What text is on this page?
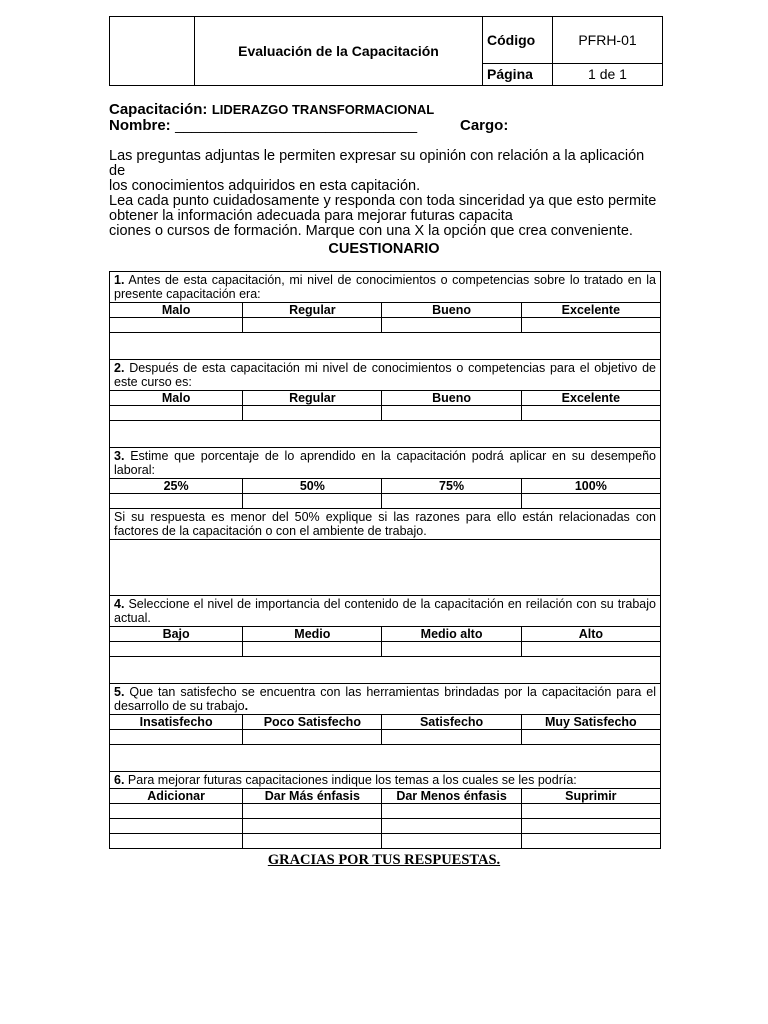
	Evaluación de la Capacitación	Código	PFRH-01
		Página	1 de 1
Capacitación: LIDERAZGO TRANSFORMACIONAL
Nombre: _____________________________	Cargo:
Las preguntas adjuntas le permiten expresar su opinión con relación a la aplicación de
los conocimientos adquiridos en esta capitación.
Lea cada punto cuidadosamente y responda con toda sinceridad ya que esto permite
obtener la información adecuada para mejorar futuras capacita
ciones o cursos de formación. Marque con una X la opción que crea conveniente.
CUESTIONARIO
1. Antes de esta capacitación, mi nivel de conocimientos o competencias sobre lo tratado en la presente capacitación era:			
Malo	Regular	Bueno	Excelente

2. Después de esta capacitación mi nivel de conocimientos o competencias para el objetivo de este curso es:			
Malo	Regular	Bueno	Excelente

3. Estime que porcentaje de lo aprendido en la capacitación podrá aplicar en su desempeño laboral:			
25%	50%	75%	100%

Si su respuesta es menor del 50% explique si las razones para ello están relacionadas con factores de la capacitación o con el ambiente de trabajo.			

4. Seleccione el nivel de importancia del contenido de la capacitación en reilación con su trabajo actual.			
Bajo	Medio	Medio alto	Alto

5. Que tan satisfecho se encuentra con las herramientas brindadas por la capacitación para el desarrollo de su trabajo.			
Insatisfecho	Poco Satisfecho	Satisfecho	Muy Satisfecho

6. Para mejorar futuras capacitaciones indique los temas a los cuales se les podría:			
Adicionar	Dar Más énfasis	Dar Menos énfasis	Suprimir

GRACIAS POR TUS RESPUESTAS.
